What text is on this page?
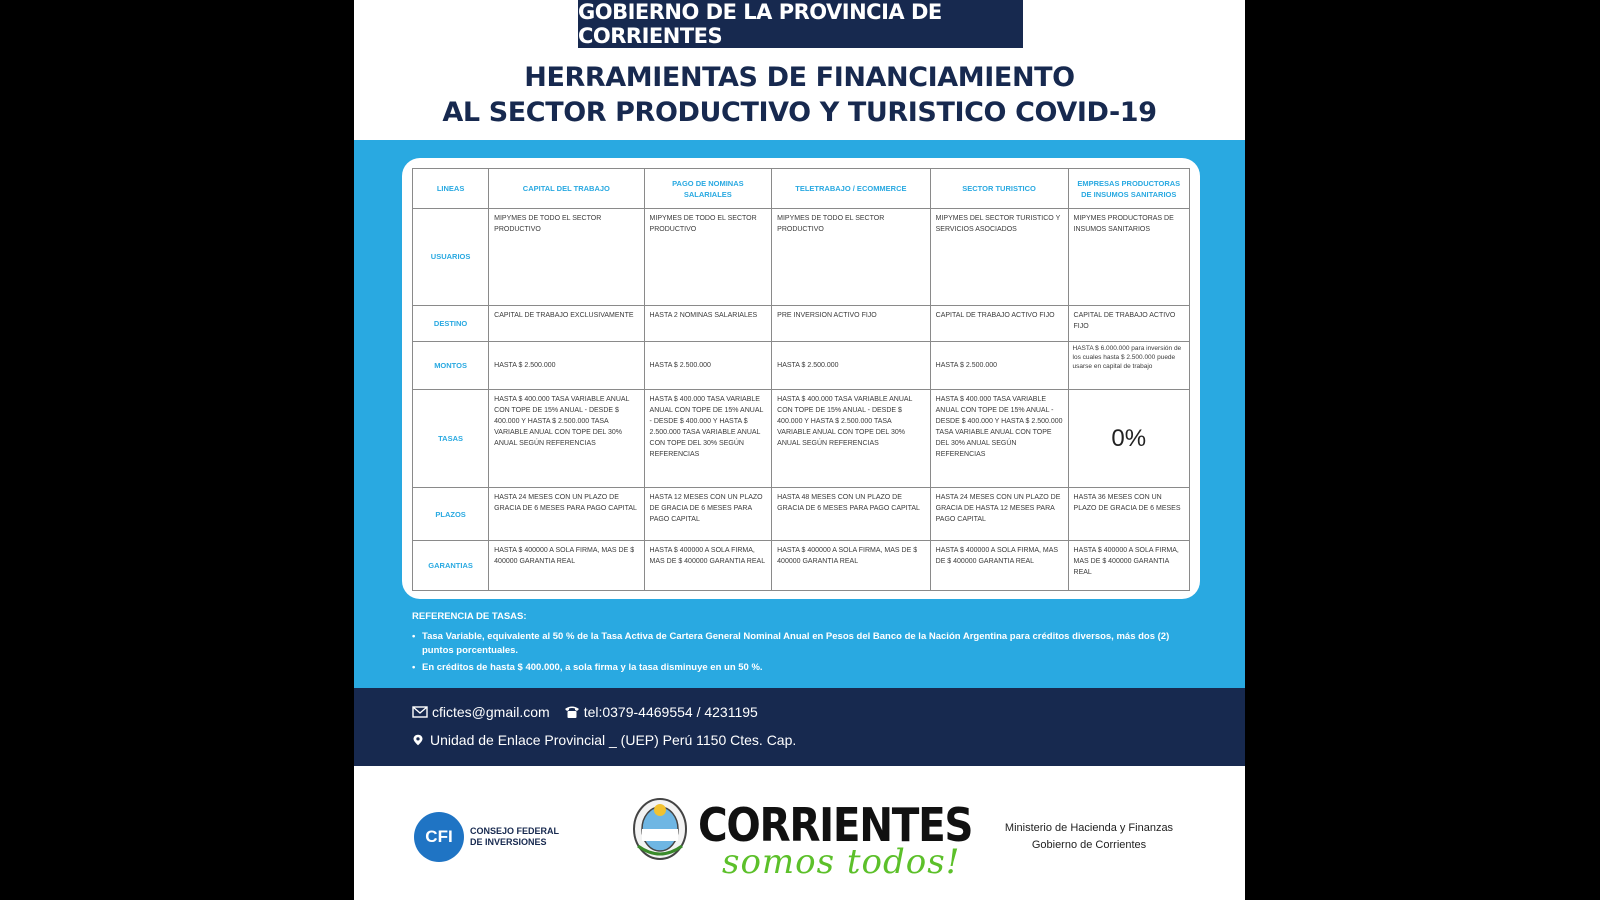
GOBIERNO DE LA PROVINCIA DE CORRIENTES
HERRAMIENTAS DE FINANCIAMIENTO
AL SECTOR PRODUCTIVO Y TURISTICO COVID-19
LINEAS	CAPITAL DEL TRABAJO	PAGO DE NOMINAS SALARIALES	TELETRABAJO / ECOMMERCE	SECTOR TURISTICO	EMPRESAS PRODUCTORAS DE INSUMOS SANITARIOS
USUARIOS	MIPYMES DE TODO EL SECTOR PRODUCTIVO	MIPYMES DE TODO EL SECTOR PRODUCTIVO	MIPYMES DE TODO EL SECTOR PRODUCTIVO	MIPYMES DEL SECTOR TURISTICO Y SERVICIOS ASOCIADOS	MIPYMES PRODUCTORAS DE INSUMOS SANITARIOS
DESTINO	CAPITAL DE TRABAJO EXCLUSIVAMENTE	HASTA 2 NOMINAS SALARIALES	PRE INVERSION ACTIVO FIJO	CAPITAL DE TRABAJO ACTIVO FIJO	CAPITAL DE TRABAJO ACTIVO FIJO
MONTOS	HASTA $ 2.500.000	HASTA $ 2.500.000	HASTA $ 2.500.000	HASTA $ 2.500.000	HASTA $ 6.000.000 para inversión de los cuales hasta $ 2.500.000 puede usarse en capital de trabajo
TASAS	HASTA $ 400.000 TASA VARIABLE ANUAL CON TOPE DE 15% ANUAL - DESDE $ 400.000 Y HASTA $ 2.500.000 TASA VARIABLE ANUAL CON TOPE DEL 30% ANUAL SEGÚN REFERENCIAS	HASTA $ 400.000 TASA VARIABLE ANUAL CON TOPE DE 15% ANUAL - DESDE $ 400.000 Y HASTA $ 2.500.000 TASA VARIABLE ANUAL CON TOPE DEL 30% SEGÚN REFERENCIAS	HASTA $ 400.000 TASA VARIABLE ANUAL CON TOPE DE 15% ANUAL - DESDE $ 400.000 Y HASTA $ 2.500.000 TASA VARIABLE ANUAL CON TOPE DEL 30% ANUAL SEGÚN REFERENCIAS	HASTA $ 400.000 TASA VARIABLE ANUAL CON TOPE DE 15% ANUAL - DESDE $ 400.000 Y HASTA $ 2.500.000 TASA VARIABLE ANUAL CON TOPE DEL 30% ANUAL SEGÚN REFERENCIAS	0%
PLAZOS	HASTA 24 MESES CON UN PLAZO DE GRACIA DE 6 MESES PARA PAGO CAPITAL	HASTA 12 MESES CON UN PLAZO DE GRACIA DE 6 MESES PARA PAGO CAPITAL	HASTA 48 MESES CON UN PLAZO DE GRACIA DE 6 MESES PARA PAGO CAPITAL	HASTA 24 MESES CON UN PLAZO DE GRACIA DE HASTA 12 MESES PARA PAGO CAPITAL	HASTA 36 MESES CON UN PLAZO DE GRACIA DE 6 MESES
GARANTIAS	HASTA $ 400000 A SOLA FIRMA, MAS DE $ 400000 GARANTIA REAL	HASTA $ 400000 A SOLA FIRMA, MAS DE $ 400000 GARANTIA REAL	HASTA $ 400000 A SOLA FIRMA, MAS DE $ 400000 GARANTIA REAL	HASTA $ 400000 A SOLA FIRMA, MAS DE $ 400000 GARANTIA REAL	HASTA $ 400000 A SOLA FIRMA, MAS DE $ 400000 GARANTIA REAL
REFERENCIA DE TASAS:
• Tasa Variable, equivalente al 50 % de la Tasa Activa de Cartera General Nominal Anual en Pesos del Banco de la Nación Argentina para créditos diversos, más dos (2) puntos porcentuales.
• En créditos de hasta $ 400.000, a sola firma y la tasa disminuye en un 50 %.
cfictes@gmail.com tel:0379-4469554 / 4231195
Unidad de Enlace Provincial _ (UEP) Perú 1150 Ctes. Cap.
CFI	CONSEJO FEDERAL DE INVERSIONES	CORRIENTES
somos todos!
Ministerio de Hacienda y Finanzas
Gobierno de Corrientes
